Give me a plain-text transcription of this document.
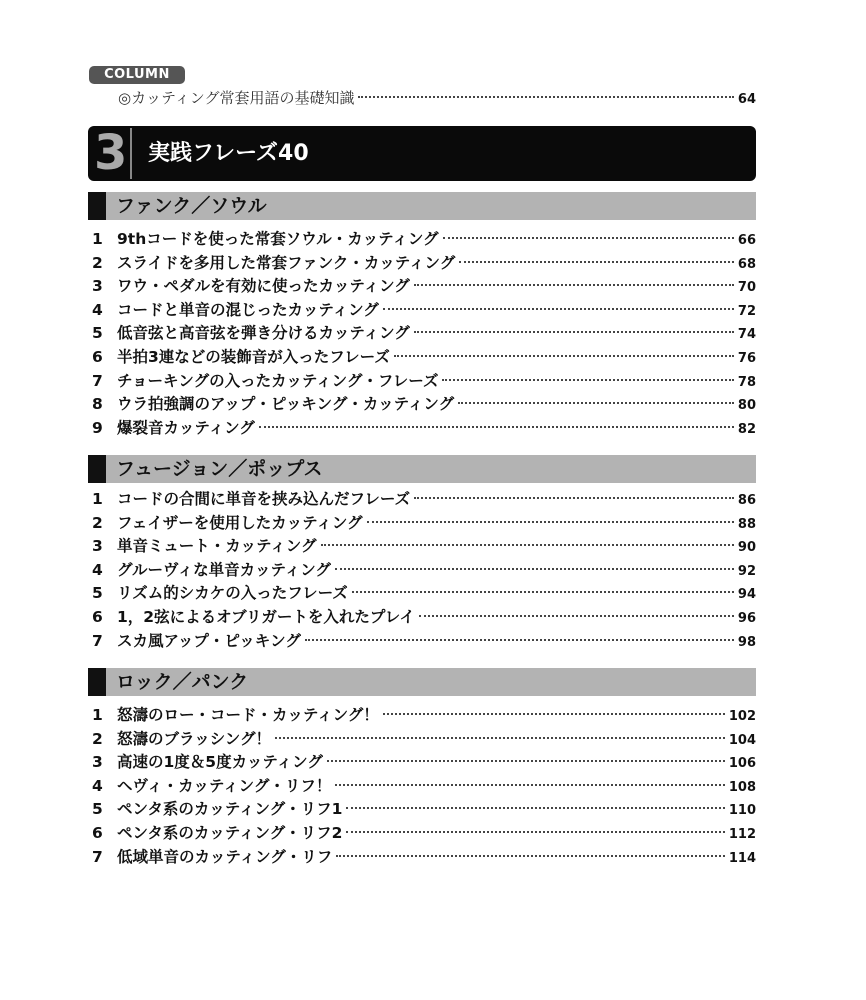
COLUMN
◎カッティング常套用語の基礎知識	64
3 実践フレーズ40
ファンク／ソウル
1 9thコードを使った常套ソウル・カッティング	66
2 スライドを多用した常套ファンク・カッティング	68
3 ワウ・ペダルを有効に使ったカッティング	70
4 コードと単音の混じったカッティング	72
5 低音弦と高音弦を弾き分けるカッティング	74
6 半拍3連などの装飾音が入ったフレーズ	76
7 チョーキングの入ったカッティング・フレーズ	78
8 ウラ拍強調のアップ・ピッキング・カッティング	80
9 爆裂音カッティング	82
フュージョン／ポップス
1 コードの合間に単音を挟み込んだフレーズ	86
2 フェイザーを使用したカッティング	88
3 単音ミュート・カッティング	90
4 グルーヴィな単音カッティング	92
5 リズム的シカケの入ったフレーズ	94
6 1，2弦によるオブリガートを入れたプレイ	96
7 スカ風アップ・ピッキング	98
ロック／パンク
1 怒濤のロー・コード・カッティング！	102
2 怒濤のブラッシング！	104
3 高速の1度＆5度カッティング	106
4 ヘヴィ・カッティング・リフ！	108
5 ペンタ系のカッティング・リフ1	110
6 ペンタ系のカッティング・リフ2	112
7 低域単音のカッティング・リフ	114
